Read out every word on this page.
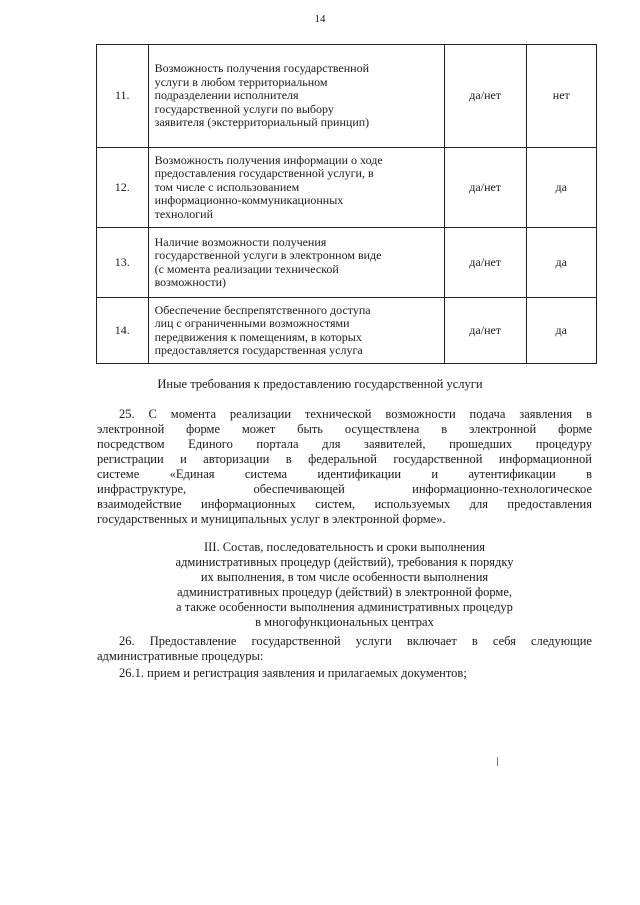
14
11.	Возможность получения государственной
услуги в любом территориальном
подразделении исполнителя
государственной услуги по выбору
заявителя (экстерриториальный принцип)	да/нет	нет
12.	Возможность получения информации о ходе
предоставления государственной услуги, в
том числе с использованием
информационно-коммуникационных
технологий	да/нет	да
13.	Наличие возможности получения
государственной услуги в электронном виде
(с момента реализации технической
возможности)	да/нет	да
14.	Обеспечение беспрепятственного доступа
лиц с ограниченными возможностями
передвижения к помещениям, в которых
предоставляется государственная услуга	да/нет	да
Иные требования к предоставлению государственной услуги
25. С момента реализации технической возможности подача заявления в
электронной форме может быть осуществлена в электронной форме
посредством Единого портала для заявителей, прошедших процедуру
регистрации и авторизации в федеральной государственной информационной
системе «Единая система идентификации и аутентификации в
инфраструктуре, обеспечивающей информационно-технологическое
взаимодействие информационных систем, используемых для предоставления
государственных и муниципальных услуг в электронной форме».
III. Состав, последовательность и сроки выполнения
административных процедур (действий), требования к порядку
их выполнения, в том числе особенности выполнения
административных процедур (действий) в электронной форме,
а также особенности выполнения административных процедур
в многофункциональных центрах
26. Предоставление государственной услуги включает в себя следующие
административные процедуры:
26.1. прием и регистрация заявления и прилагаемых документов;
